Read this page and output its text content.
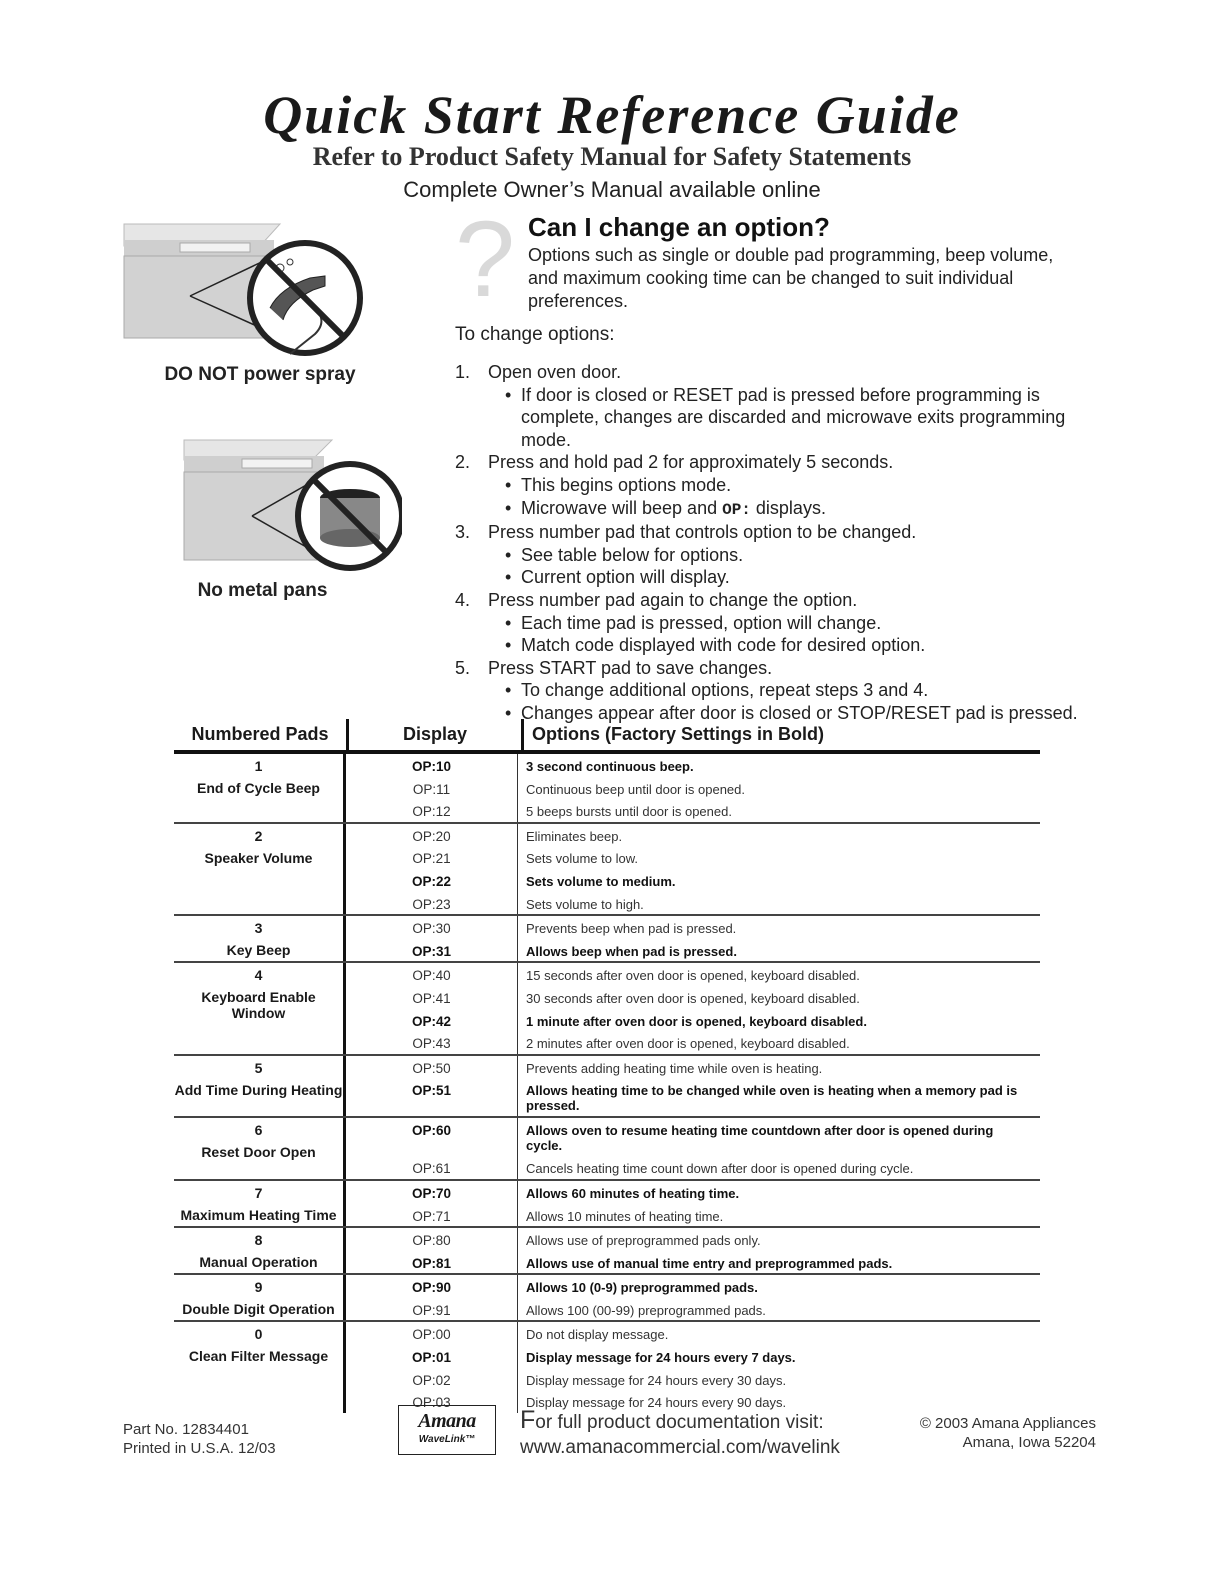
Quick Start Reference Guide
Refer to Product Safety Manual for Safety Statements
Complete Owner’s Manual available online
DO NOT power spray
No metal pans
? Can I change an option?
Options such as single or double pad programming, beep volume, and maximum cooking time can be changed to suit individual preferences.
To change options:
1. Open oven door.
• If door is closed or RESET pad is pressed before programming is complete, changes are discarded and microwave exits programming mode.
2. Press and hold pad 2 for approximately 5 seconds.
• This begins options mode.
• Microwave will beep and OP: displays.
3. Press number pad that controls option to be changed.
• See table below for options.
• Current option will display.
4. Press number pad again to change the option.
• Each time pad is pressed, option will change.
• Match code displayed with code for desired option.
5. Press START pad to save changes.
• To change additional options, repeat steps 3 and 4.
• Changes appear after door is closed or STOP/RESET pad is pressed.
Numbered Pads	Display	Options (Factory Settings in Bold)
1
End of Cycle Beep
OP:10	3 second continuous beep.
OP:11	Continuous beep until door is opened.
OP:12	5 beeps bursts until door is opened.
2
Speaker Volume
OP:20	Eliminates beep.
OP:21	Sets volume to low.
OP:22	Sets volume to medium.
OP:23	Sets volume to high.
3
Key Beep
OP:30	Prevents beep when pad is pressed.
OP:31	Allows beep when pad is pressed.
4
Keyboard Enable Window
OP:40	15 seconds after oven door is opened, keyboard disabled.
OP:41	30 seconds after oven door is opened, keyboard disabled.
OP:42	1 minute after oven door is opened, keyboard disabled.
OP:43	2 minutes after oven door is opened, keyboard disabled.
5
Add Time During Heating
OP:50	Prevents adding heating time while oven is heating.
OP:51	Allows heating time to be changed while oven is heating when a memory pad is pressed.
6
Reset Door Open
OP:60	Allows oven to resume heating time countdown after door is opened during cycle.
OP:61	Cancels heating time count down after door is opened during cycle.
7
Maximum Heating Time
OP:70	Allows 60 minutes of heating time.
OP:71	Allows 10 minutes of heating time.
8
Manual Operation
OP:80	Allows use of preprogrammed pads only.
OP:81	Allows use of manual time entry and preprogrammed pads.
9
Double Digit Operation
OP:90	Allows 10 (0-9) preprogrammed pads.
OP:91	Allows 100 (00-99) preprogrammed pads.
0
Clean Filter Message
OP:00	Do not display message.
OP:01	Display message for 24 hours every 7 days.
OP:02	Display message for 24 hours every 30 days.
OP:03	Display message for 24 hours every 90 days.
Part No. 12834401
Printed in U.S.A. 12/03
Amana
WaveLink™
For full product documentation visit:
www.amanacommercial.com/wavelink
© 2003 Amana Appliances
Amana, Iowa 52204
